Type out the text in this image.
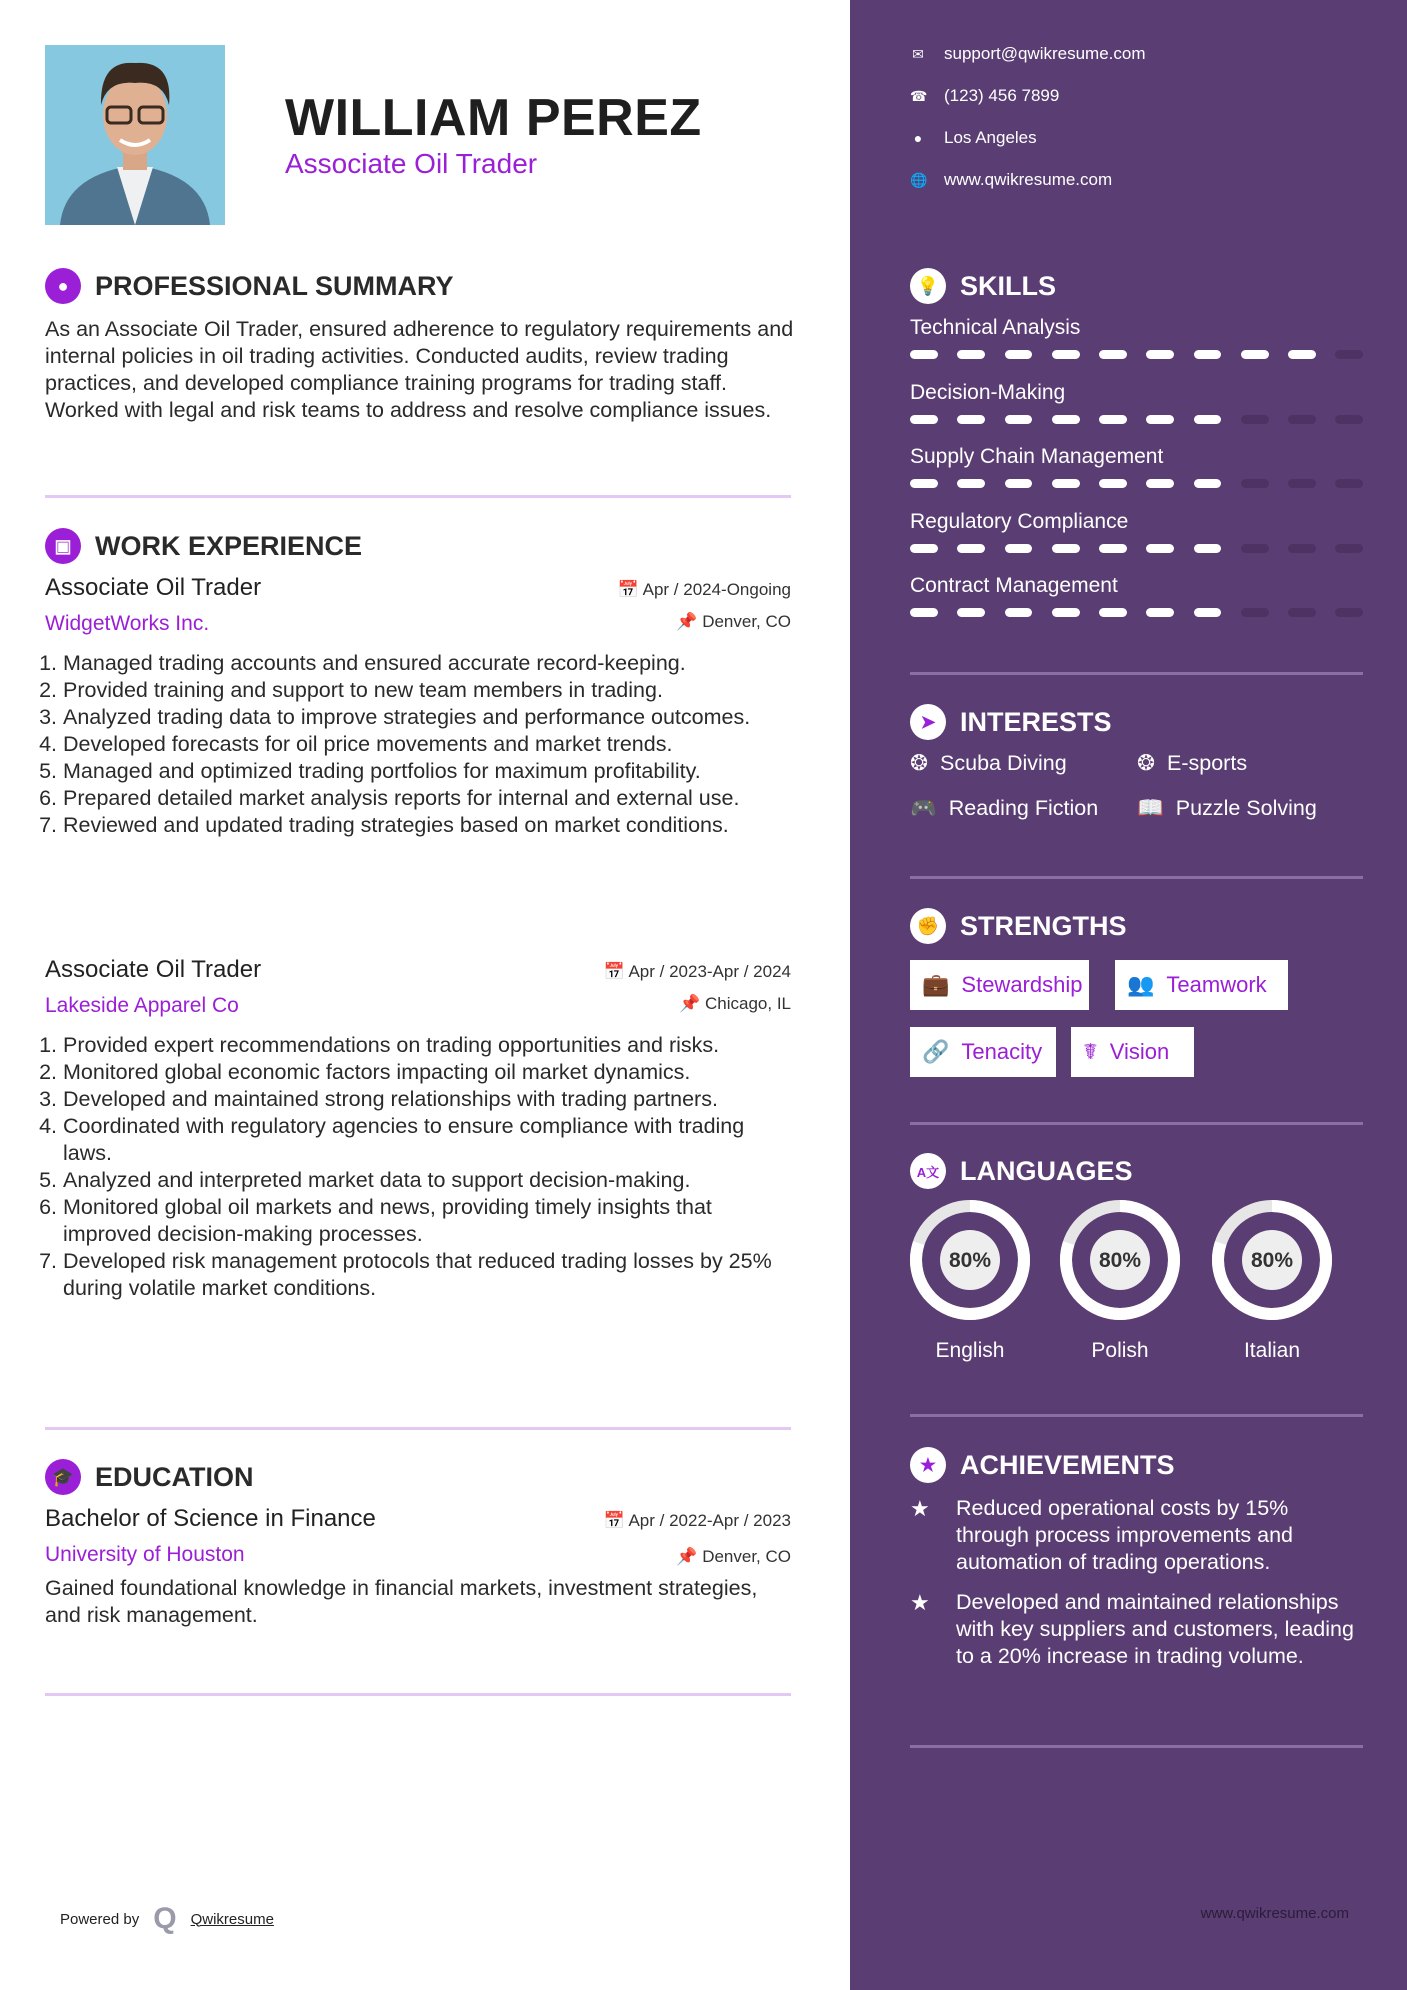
WILLIAM PEREZ
Associate Oil Trader
● PROFESSIONAL SUMMARY
As an Associate Oil Trader, ensured adherence to regulatory requirements and internal policies in oil trading activities. Conducted audits, review trading practices, and developed compliance training programs for trading staff. Worked with legal and risk teams to address and resolve compliance issues.
▣ WORK EXPERIENCE
📅 Apr / 2024-Ongoing
📌 Denver, CO
Associate Oil Trader
WidgetWorks Inc.
1. Managed trading accounts and ensured accurate record-keeping.
2. Provided training and support to new team members in trading.
3. Analyzed trading data to improve strategies and performance outcomes.
4. Developed forecasts for oil price movements and market trends.
5. Managed and optimized trading portfolios for maximum profitability.
6. Prepared detailed market analysis reports for internal and external use.
7. Reviewed and updated trading strategies based on market conditions.
📅 Apr / 2023-Apr / 2024
📌 Chicago, IL
Associate Oil Trader
Lakeside Apparel Co
1. Provided expert recommendations on trading opportunities and risks.
2. Monitored global economic factors impacting oil market dynamics.
3. Developed and maintained strong relationships with trading partners.
4. Coordinated with regulatory agencies to ensure compliance with trading laws.
5. Analyzed and interpreted market data to support decision-making.
6. Monitored global oil markets and news, providing timely insights that improved decision-making processes.
7. Developed risk management protocols that reduced trading losses by 25% during volatile market conditions.
🎓 EDUCATION
📅 Apr / 2022-Apr / 2023
📌 Denver, CO
Bachelor of Science in Finance
University of Houston
Gained foundational knowledge in financial markets, investment strategies, and risk management.
Powered by Q Qwikresume
✉ support@qwikresume.com
☎ (123) 456 7899
● Los Angeles
🌐 www.qwikresume.com
💡 SKILLS
Technical Analysis
Decision-Making
Supply Chain Management
Regulatory Compliance
Contract Management
➤ INTERESTS
❂ Scuba Diving	❂ E-sports
🎮 Reading Fiction 📖 Puzzle Solving
✊ STRENGTHS
💼 Stewardship 👥 Teamwork
🔗 Tenacity ☤ Vision
A文 LANGUAGES
80%
English
80%
Polish
80%
Italian
★ ACHIEVEMENTS
★	Reduced operational costs by 15% through process improvements and automation of trading operations.
★	Developed and maintained relationships with key suppliers and customers, leading to a 20% increase in trading volume.
www.qwikresume.com
